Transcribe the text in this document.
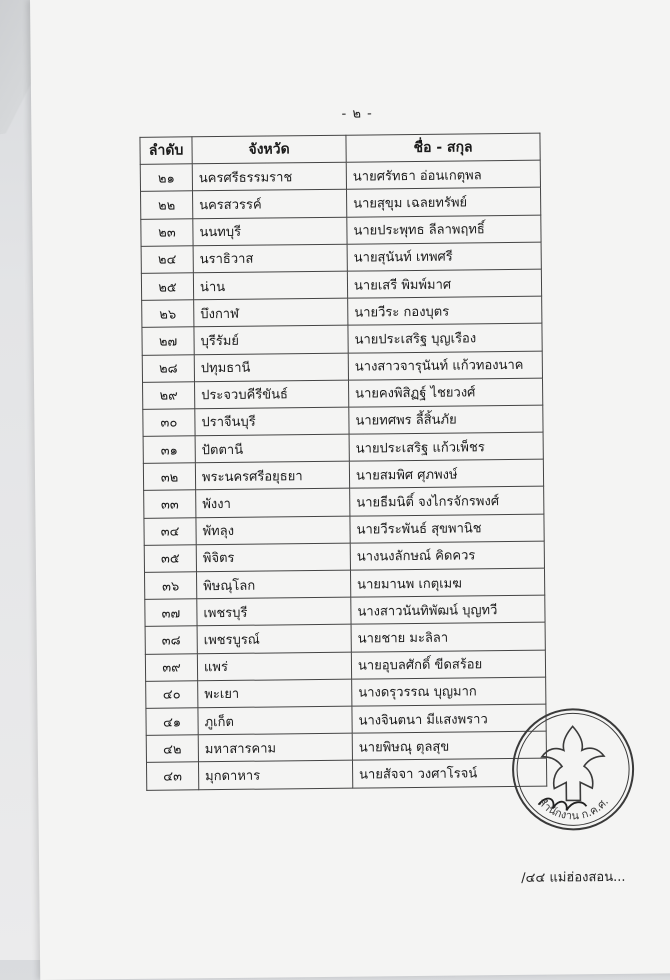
- ๒ -
ลำดับ	จังหวัด	ชื่อ - สกุล
๒๑	นครศรีธรรมราช	นายศรัทธา อ่อนเกตุพล
๒๒	นครสวรรค์	นายสุขุม เฉลยทรัพย์
๒๓	นนทบุรี	นายประพุทธ ลีลาพฤทธิ์
๒๔	นราธิวาส	นายสุนันท์ เทพศรี
๒๕	น่าน	นายเสรี พิมพ์มาศ
๒๖	บึงกาฬ	นายวีระ กองบุตร
๒๗	บุรีรัมย์	นายประเสริฐ บุญเรือง
๒๘	ปทุมธานี	นางสาวจารุนันท์ แก้วทองนาค
๒๙	ประจวบคีรีขันธ์	นายคงพิสิฏฐ์ ไชยวงศ์
๓๐	ปราจีนบุรี	นายทศพร ลี้สิ้นภัย
๓๑	ปัตตานี	นายประเสริฐ แก้วเพ็ชร
๓๒	พระนครศรีอยุธยา	นายสมพิศ ศุภพงษ์
๓๓	พังงา	นายธีมนิติ์ จงไกรจักรพงศ์
๓๔	พัทลุง	นายวีระพันธ์ สุขพานิช
๓๕	พิจิตร	นางนงลักษณ์ คิดควร
๓๖	พิษณุโลก	นายมานพ เกตุเมฆ
๓๗	เพชรบุรี	นางสาวนันทิพัฒน์ บุญทวี
๓๘	เพชรบูรณ์	นายชาย มะลิลา
๓๙	แพร่	นายอุบลศักดิ์ ขีดสร้อย
๔๐	พะเยา	นางดรุวรรณ บุญมาก
๔๑	ภูเก็ต	นางจินตนา มีแสงพราว
๔๒	มหาสารคาม	นายพิษณุ ตุลสุข
๔๓	มุกดาหาร	นายสัจจา วงศาโรจน์
สำนักงาน ก.ค.ศ.
/๔๔ แม่ฮ่องสอน...
